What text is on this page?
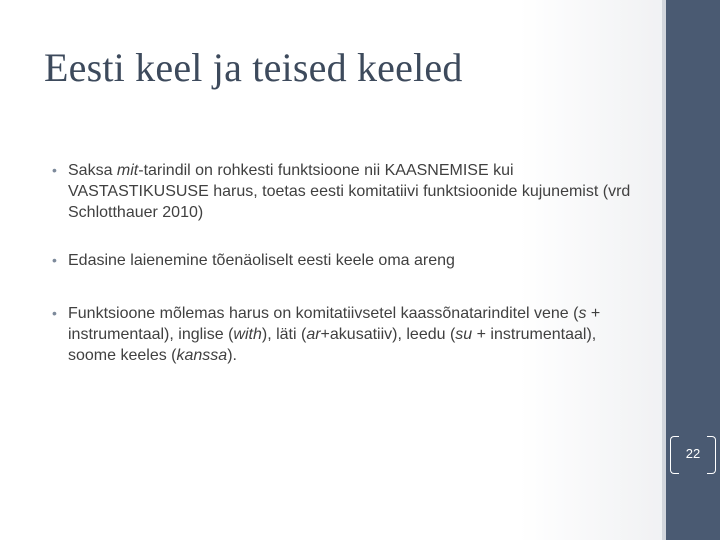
Eesti keel ja teised keeled
• Saksa mit-tarindil on rohkesti funktsioone nii KAASNEMISE kui VASTASTIKUSUSE harus, toetas eesti komitatiivi funktsioonide kujunemist (vrd Schlotthauer 2010)
• Edasine laienemine tõenäoliselt eesti keele oma areng
• Funktsioone mõlemas harus on komitatiivsetel kaassõnatarinditel vene (s + instrumentaal), inglise (with), läti (ar+akusatiiv), leedu (su + instrumentaal), soome keeles (kanssa).
22
